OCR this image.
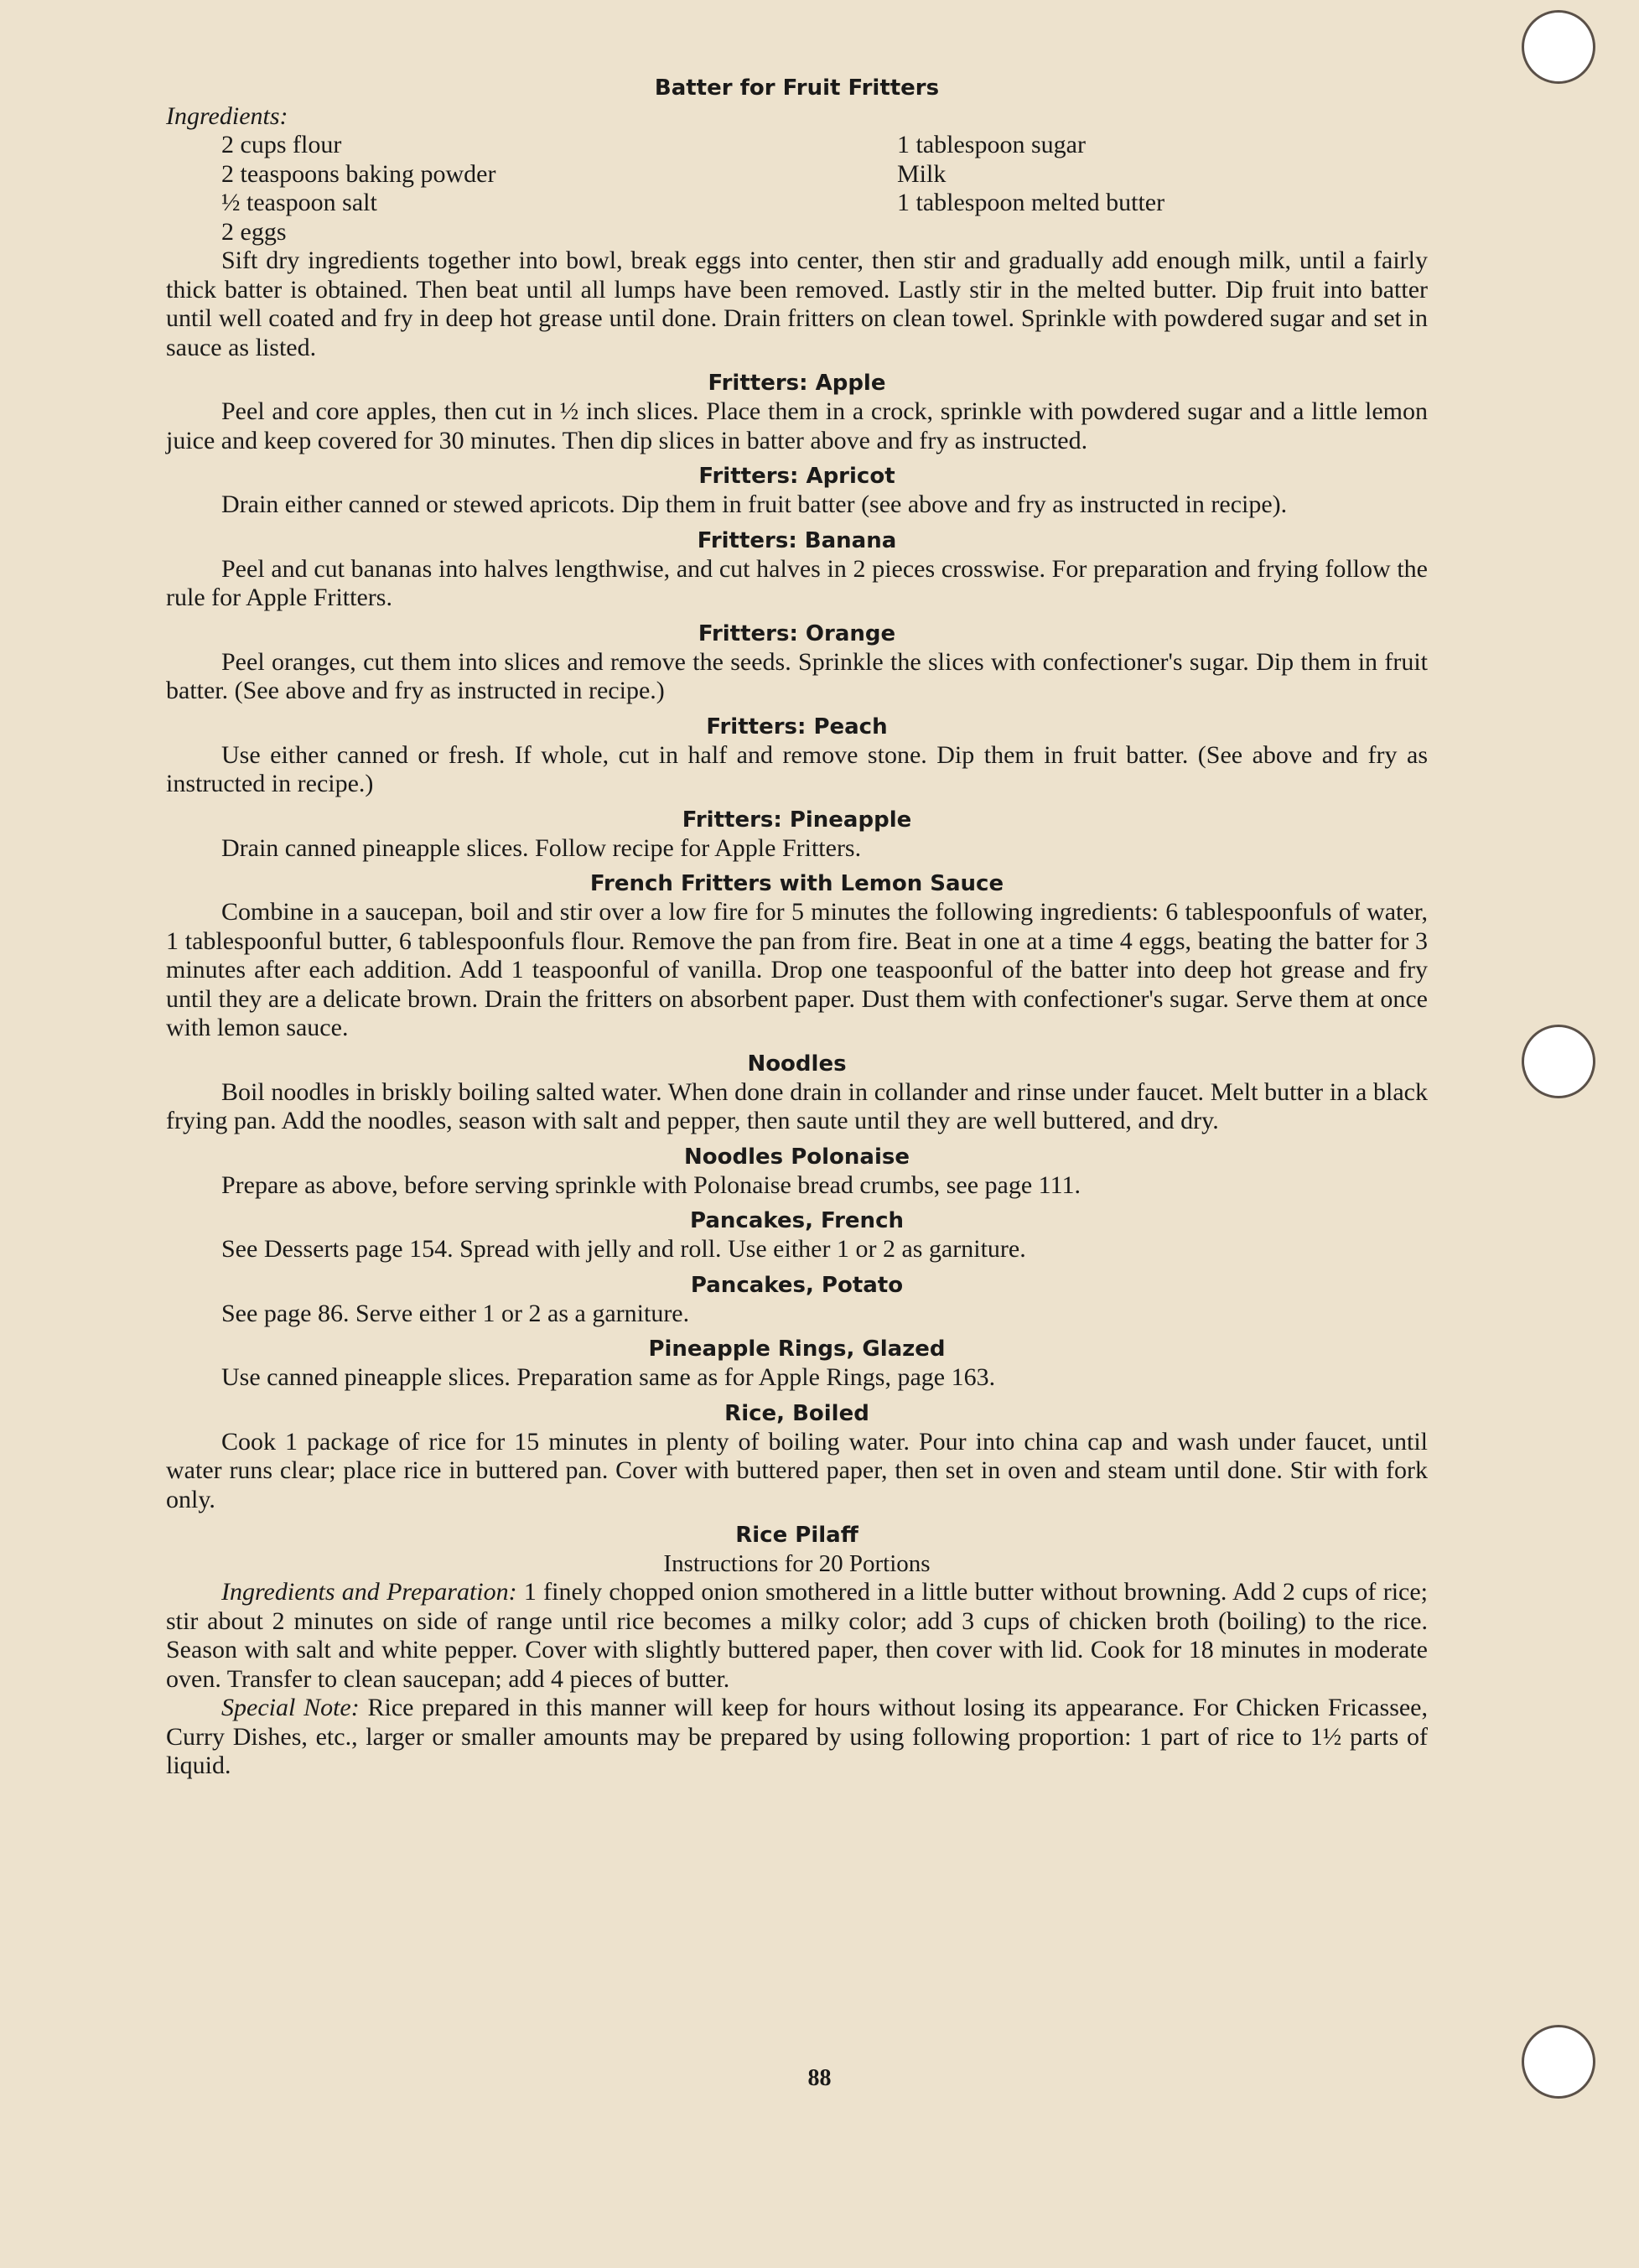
Batter for Fruit Fritters
Ingredients:
2 cups flour	1 tablespoon sugar
2 teaspoons baking powder	Milk
½ teaspoon salt	1 tablespoon melted butter
2 eggs

Sift dry ingredients together into bowl, break eggs into center, then stir and gradually add enough milk, until a fairly thick batter is obtained. Then beat until all lumps have been removed. Lastly stir in the melted butter. Dip fruit into batter until well coated and fry in deep hot grease until done. Drain fritters on clean towel. Sprinkle with powdered sugar and set in sauce as listed.

Fritters: Apple

Peel and core apples, then cut in ½ inch slices. Place them in a crock, sprinkle with powdered sugar and a little lemon juice and keep covered for 30 minutes. Then dip slices in batter above and fry as instructed.

Fritters: Apricot

Drain either canned or stewed apricots. Dip them in fruit batter (see above and fry as instructed in recipe).

Fritters: Banana

Peel and cut bananas into halves lengthwise, and cut halves in 2 pieces crosswise. For preparation and frying follow the rule for Apple Fritters.

Fritters: Orange

Peel oranges, cut them into slices and remove the seeds. Sprinkle the slices with confectioner's sugar. Dip them in fruit batter. (See above and fry as instructed in recipe.)

Fritters: Peach

Use either canned or fresh. If whole, cut in half and remove stone. Dip them in fruit batter. (See above and fry as instructed in recipe.)

Fritters: Pineapple

Drain canned pineapple slices. Follow recipe for Apple Fritters.

French Fritters with Lemon Sauce

Combine in a saucepan, boil and stir over a low fire for 5 minutes the following ingredients: 6 tablespoonfuls of water, 1 tablespoonful butter, 6 tablespoonfuls flour. Remove the pan from fire. Beat in one at a time 4 eggs, beating the batter for 3 minutes after each addition. Add 1 teaspoonful of vanilla. Drop one teaspoonful of the batter into deep hot grease and fry until they are a delicate brown. Drain the fritters on absorbent paper. Dust them with confectioner's sugar. Serve them at once with lemon sauce.

Noodles

Boil noodles in briskly boiling salted water. When done drain in collander and rinse under faucet. Melt butter in a black frying pan. Add the noodles, season with salt and pepper, then saute until they are well buttered, and dry.

Noodles Polonaise

Prepare as above, before serving sprinkle with Polonaise bread crumbs, see page 111.

Pancakes, French

See Desserts page 154. Spread with jelly and roll. Use either 1 or 2 as garniture.

Pancakes, Potato

See page 86. Serve either 1 or 2 as a garniture.

Pineapple Rings, Glazed

Use canned pineapple slices. Preparation same as for Apple Rings, page 163.

Rice, Boiled

Cook 1 package of rice for 15 minutes in plenty of boiling water. Pour into china cap and wash under faucet, until water runs clear; place rice in buttered pan. Cover with buttered paper, then set in oven and steam until done. Stir with fork only.

Rice Pilaff
Instructions for 20 Portions

Ingredients and Preparation: 1 finely chopped onion smothered in a little butter without browning. Add 2 cups of rice; stir about 2 minutes on side of range until rice becomes a milky color; add 3 cups of chicken broth (boiling) to the rice. Season with salt and white pepper. Cover with slightly buttered paper, then cover with lid. Cook for 18 minutes in moderate oven. Transfer to clean saucepan; add 4 pieces of butter.

Special Note: Rice prepared in this manner will keep for hours without losing its appearance. For Chicken Fricassee, Curry Dishes, etc., larger or smaller amounts may be prepared by using following proportion: 1 part of rice to 1½ parts of liquid.

88
